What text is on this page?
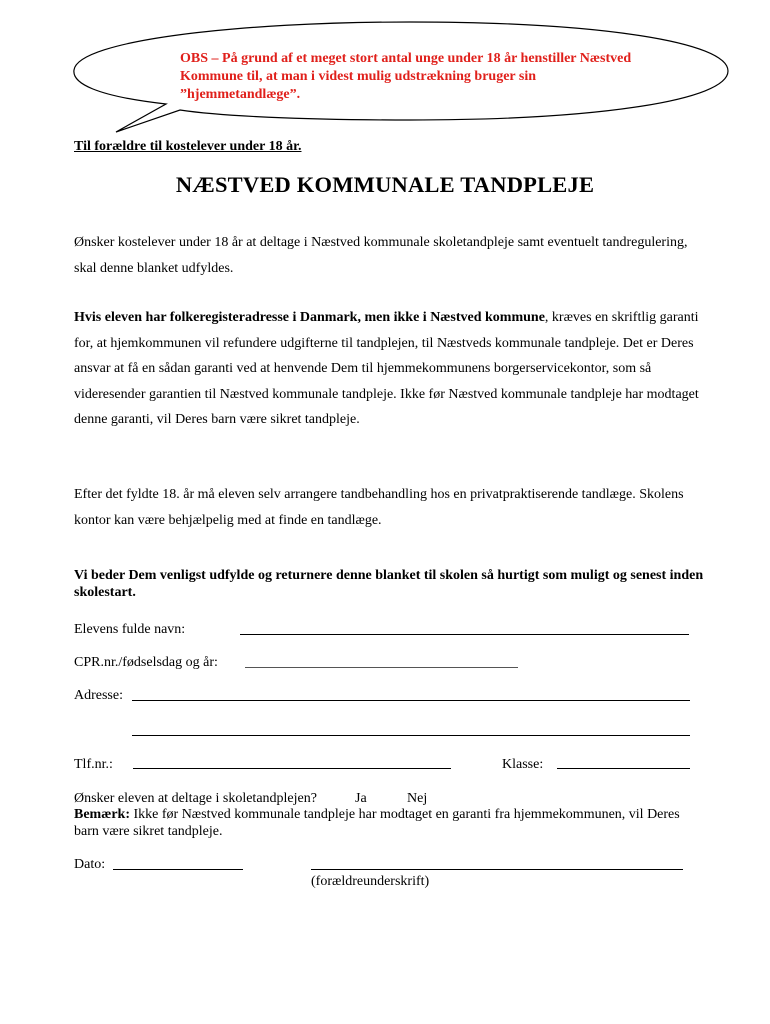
OBS – På grund af et meget stort antal unge under 18 år henstiller Næstved Kommune til, at man i videst mulig udstrækning bruger sin ”hjemmetandlæge”.
Til forældre til kostelever under 18 år.
NÆSTVED KOMMUNALE TANDPLEJE
Ønsker kostelever under 18 år at deltage i Næstved kommunale skoletandpleje samt eventuelt tandregulering, skal denne blanket udfyldes.
Hvis eleven har folkeregisteradresse i Danmark, men ikke i Næstved kommune, kræves en skriftlig garanti for, at hjemkommunen vil refundere udgifterne til tandplejen, til Næstveds kommunale tandpleje. Det er Deres ansvar at få en sådan garanti ved at henvende Dem til hjemmekommunens borgerservicekontor, som så videresender garantien til Næstved kommunale tandpleje. Ikke før Næstved kommunale tandpleje har modtaget denne garanti, vil Deres barn være sikret tandpleje.
Efter det fyldte 18. år må eleven selv arrangere tandbehandling hos en privatpraktiserende tandlæge. Skolens kontor kan være behjælpelig med at finde en tandlæge.
Vi beder Dem venligst udfylde og returnere denne blanket til skolen så hurtigt som muligt og senest inden skolestart.
Elevens fulde navn:
CPR.nr./fødselsdag og år:
Adresse:
Tlf.nr.:	Klasse:
Ønsker eleven at deltage i skoletandplejen?	Ja	Nej
Bemærk: Ikke før Næstved kommunale tandpleje har modtaget en garanti fra hjemmekommunen, vil Deres barn være sikret tandpleje.
Dato:
(forældreunderskrift)
